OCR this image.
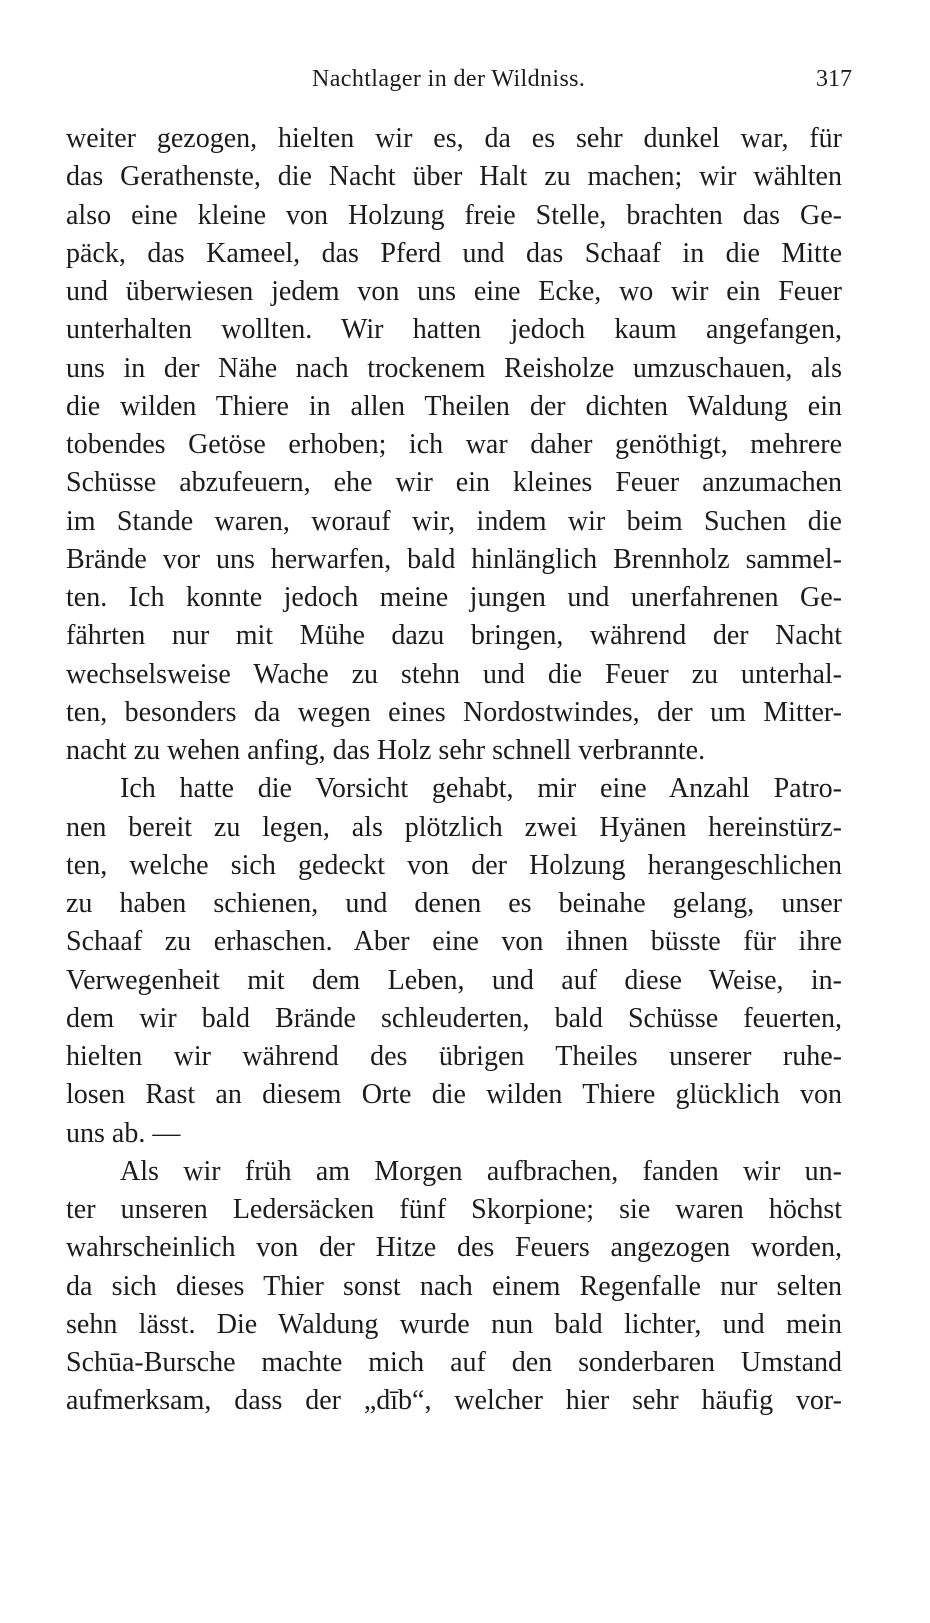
Nachtlager in der Wildniss.	317
weiter gezogen, hielten wir es, da es sehr dunkel war, für
das Gerathenste, die Nacht über Halt zu machen; wir wählten
also eine kleine von Holzung freie Stelle, brachten das Ge-
päck, das Kameel, das Pferd und das Schaaf in die Mitte
und überwiesen jedem von uns eine Ecke, wo wir ein Feuer
unterhalten wollten. Wir hatten jedoch kaum angefangen,
uns in der Nähe nach trockenem Reisholze umzuschauen, als
die wilden Thiere in allen Theilen der dichten Waldung ein
tobendes Getöse erhoben; ich war daher genöthigt, mehrere
Schüsse abzufeuern, ehe wir ein kleines Feuer anzumachen
im Stande waren, worauf wir, indem wir beim Suchen die
Brände vor uns herwarfen, bald hinlänglich Brennholz sammel-
ten. Ich konnte jedoch meine jungen und unerfahrenen Ge-
fährten nur mit Mühe dazu bringen, während der Nacht
wechselsweise Wache zu stehn und die Feuer zu unterhal-
ten, besonders da wegen eines Nordostwindes, der um Mitter-
nacht zu wehen anfing, das Holz sehr schnell verbrannte.
Ich hatte die Vorsicht gehabt, mir eine Anzahl Patro-
nen bereit zu legen, als plötzlich zwei Hyänen hereinstürz-
ten, welche sich gedeckt von der Holzung herangeschlichen
zu haben schienen, und denen es beinahe gelang, unser
Schaaf zu erhaschen. Aber eine von ihnen büsste für ihre
Verwegenheit mit dem Leben, und auf diese Weise, in-
dem wir bald Brände schleuderten, bald Schüsse feuerten,
hielten wir während des übrigen Theiles unserer ruhe-
losen Rast an diesem Orte die wilden Thiere glücklich von
uns ab. —
Als wir früh am Morgen aufbrachen, fanden wir un-
ter unseren Ledersäcken fünf Skorpione; sie waren höchst
wahrscheinlich von der Hitze des Feuers angezogen worden,
da sich dieses Thier sonst nach einem Regenfalle nur selten
sehn lässt. Die Waldung wurde nun bald lichter, und mein
Schūa-Bursche machte mich auf den sonderbaren Umstand
aufmerksam, dass der „dīb“, welcher hier sehr häufig vor-
